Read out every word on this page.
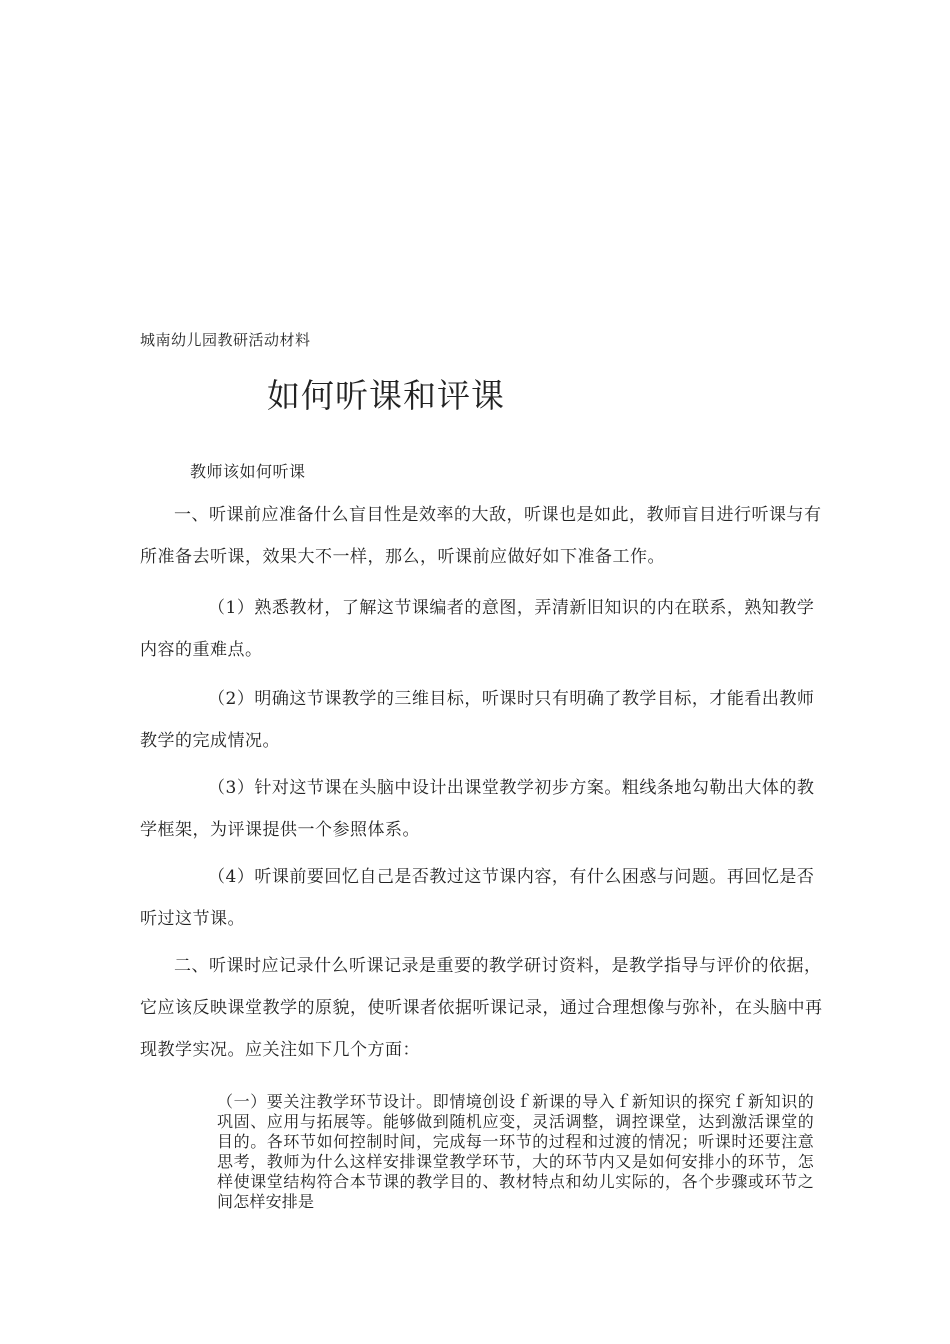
城南幼儿园教研活动材料
如何听课和评课
教师该如何听课

一、听课前应准备什么盲目性是效率的大敌，听课也是如此，教师盲目进行听课与有所准备去听课，效果大不一样，那么，听课前应做好如下准备工作。

（1）熟悉教材，了解这节课编者的意图，弄清新旧知识的内在联系，熟知教学内容的重难点。

（2）明确这节课教学的三维目标，听课时只有明确了教学目标，才能看出教师教学的完成情况。

（3）针对这节课在头脑中设计出课堂教学初步方案。粗线条地勾勒出大体的教学框架，为评课提供一个参照体系。

（4）听课前要回忆自己是否教过这节课内容，有什么困惑与问题。再回忆是否听过这节课。

二、听课时应记录什么听课记录是重要的教学研讨资料，是教学指导与评价的依据，它应该反映课堂教学的原貌，使听课者依据听课记录，通过合理想像与弥补，在头脑中再现教学实况。应关注如下几个方面：

（一）要关注教学环节设计。即情境创设ｆ新课的导入ｆ新知识的探究ｆ新知识的巩固、应用与拓展等。能够做到随机应变，灵活调整，调控课堂，达到激活课堂的目的。各环节如何控制时间，完成每一环节的过程和过渡的情况；听课时还要注意思考，教师为什么这样安排课堂教学环节，大的环节内又是如何安排小的环节，怎样使课堂结构符合本节课的教学目的、教材特点和幼儿实际的，各个步骤或环节之间怎样安排是
